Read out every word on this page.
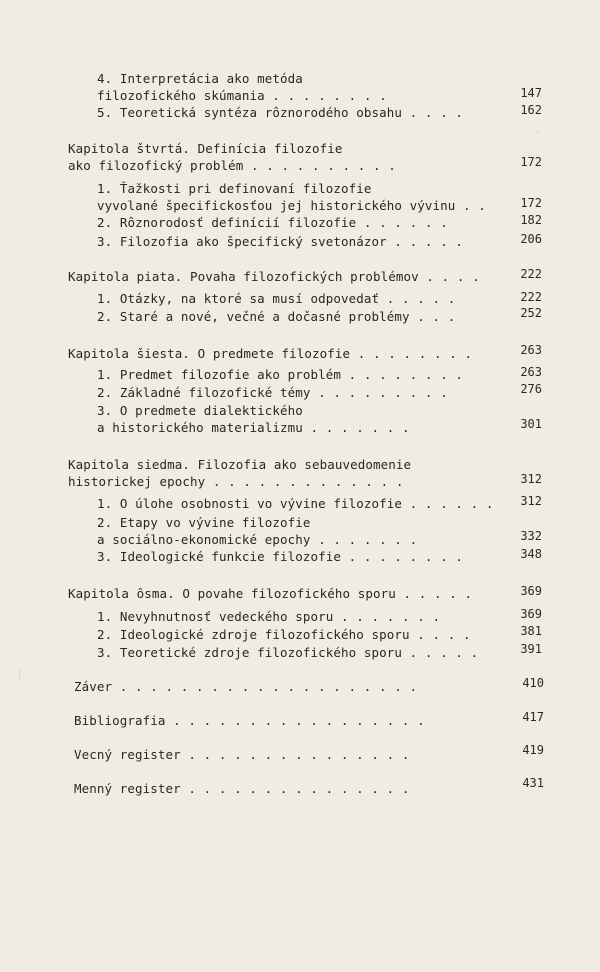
4. Interpretácia ako metóda
filozofického skúmania . . . . . . . .	147
5. Teoretická syntéza rôznorodého obsahu . . . .	162
Kapitola štvrtá. Definícia filozofie
ako filozofický problém . . . . . . . . . .	172
1. Ťažkosti pri definovaní filozofie
vyvolané špecifickosťou jej historického vývinu . .	172
2. Rôznorodosť definícií filozofie . . . . . .	182
3. Filozofia ako špecifický svetonázor . . . . .	206
Kapitola piata. Povaha filozofických problémov . . . .	222
1. Otázky, na ktoré sa musí odpovedať . . . . .	222
2. Staré a nové, večné a dočasné problémy . . .	252
Kapitola šiesta. O predmete filozofie . . . . . . . .	263
1. Predmet filozofie ako problém . . . . . . . .	263
2. Základné filozofické témy . . . . . . . . .	276
3. O predmete dialektického
a historického materializmu . . . . . . .	301
Kapitola siedma. Filozofia ako sebauvedomenie
historickej epochy . . . . . . . . . . . . .	312
1. O úlohe osobnosti vo vývine filozofie . . . . . .	312
2. Etapy vo vývine filozofie
a sociálno-ekonomické epochy . . . . . . .	332
3. Ideologické funkcie filozofie . . . . . . . .	348
Kapitola ôsma. O povahe filozofického sporu . . . . .	369
1. Nevyhnutnosť vedeckého sporu . . . . . . .	369
2. Ideologické zdroje filozofického sporu . . . .	381
3. Teoretické zdroje filozofického sporu . . . . .	391
Záver . . . . . . . . . . . . . . . . . . . .	410
Bibliografia . . . . . . . . . . . . . . . . .	417
Vecný register . . . . . . . . . . . . . . .	419
Menný register . . . . . . . . . . . . . . .	431
‘
│
